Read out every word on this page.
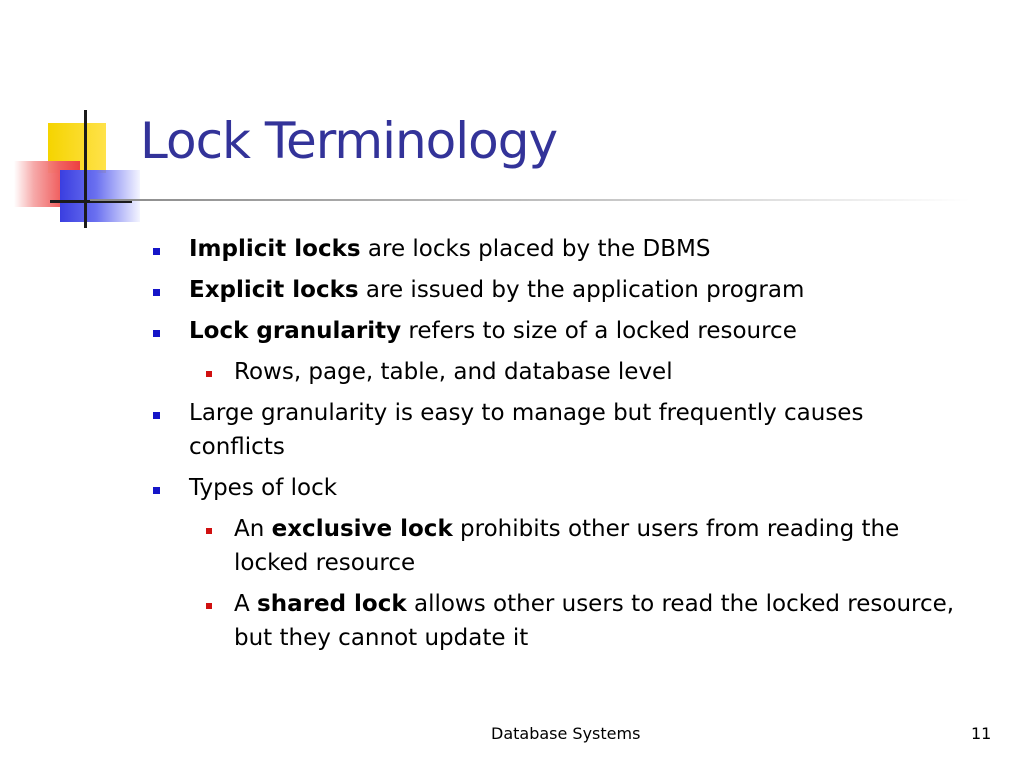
Lock Terminology
Implicit locks are locks placed by the DBMS
Explicit locks are issued by the application program
Lock granularity refers to size of a locked resource
Rows, page, table, and database level
Large granularity is easy to manage but frequently causes conflicts
Types of lock
An exclusive lock prohibits other users from reading the locked resource
A shared lock allows other users to read the locked resource, but they cannot update it
Database Systems	11
